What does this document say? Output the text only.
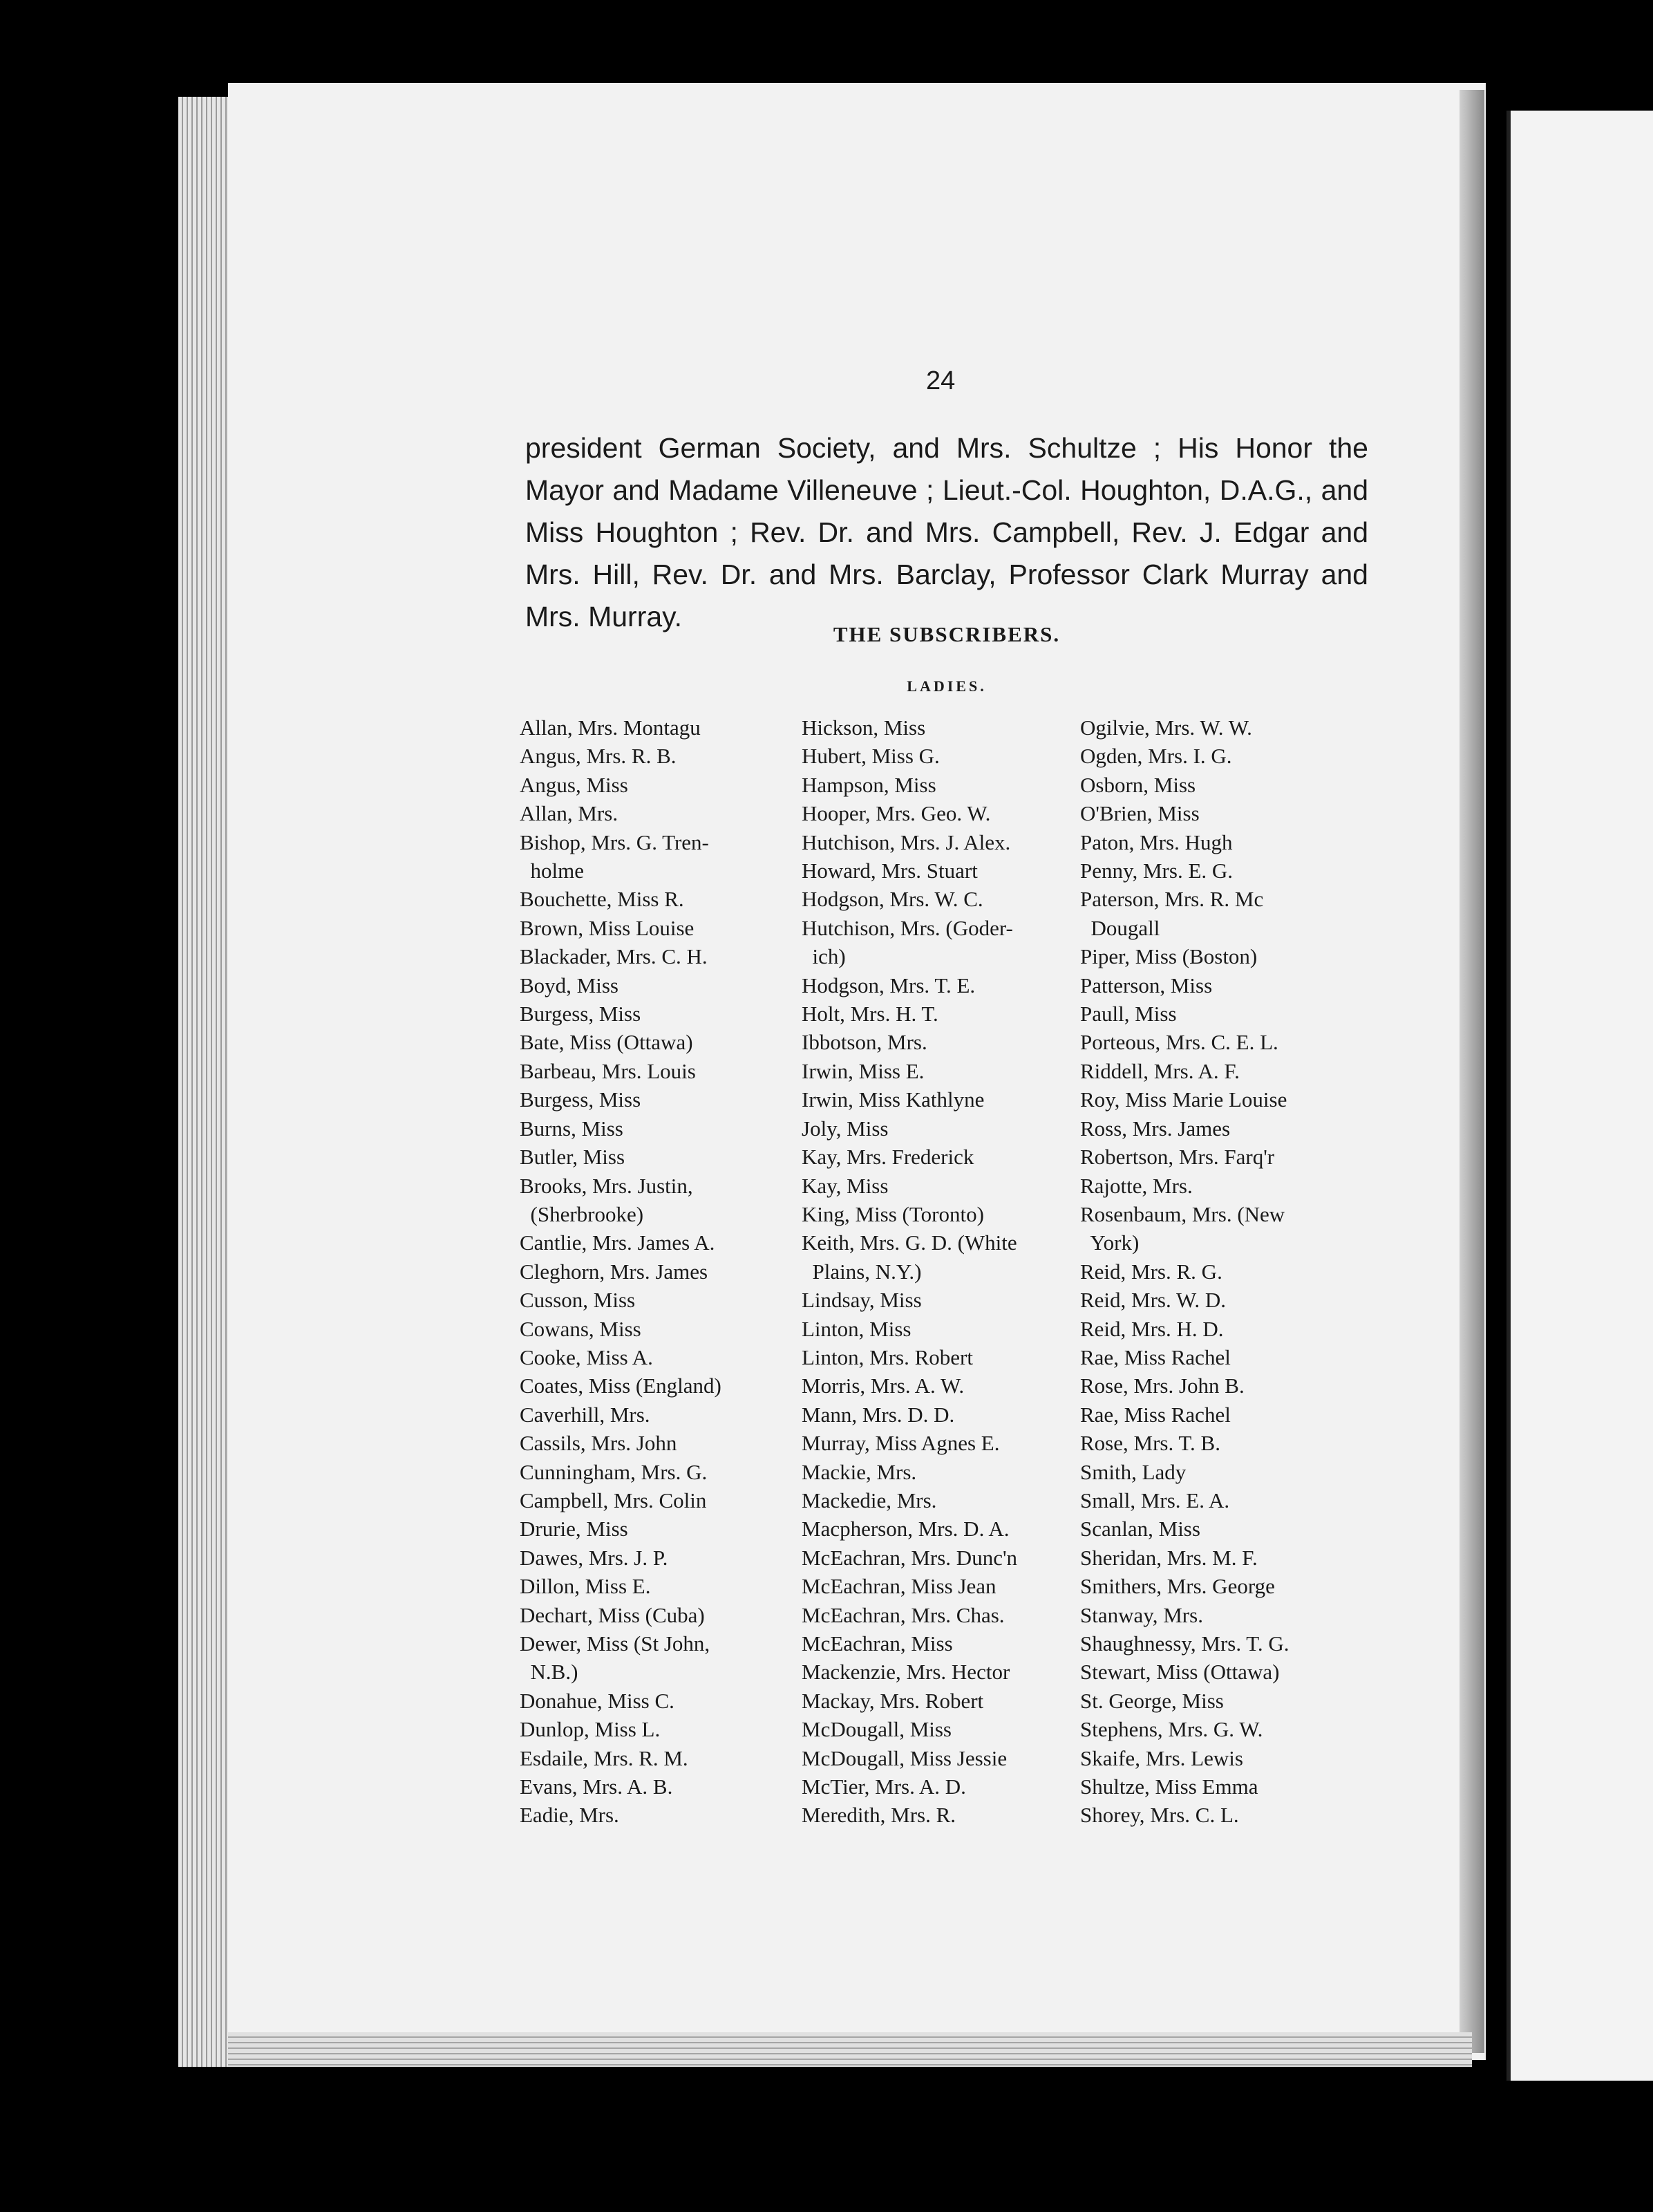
24

president German Society, and Mrs. Schultze ; His Honor the Mayor and Madame Villeneuve ; Lieut.-Col. Houghton, D.A.G., and Miss Houghton ; Rev. Dr. and Mrs. Campbell, Rev. J. Edgar and Mrs. Hill, Rev. Dr. and Mrs. Barclay, Professor Clark Murray and Mrs. Murray.

THE SUBSCRIBERS.
LADIES.
Allan, Mrs. Montagu
Angus, Mrs. R. B.
Angus, Miss
Allan, Mrs.
Bishop, Mrs. G. Tren-
holme
Bouchette, Miss R.
Brown, Miss Louise
Blackader, Mrs. C. H.
Boyd, Miss
Burgess, Miss
Bate, Miss (Ottawa)
Barbeau, Mrs. Louis
Burgess, Miss
Burns, Miss
Butler, Miss
Brooks, Mrs. Justin,
(Sherbrooke)
Cantlie, Mrs. James A.
Cleghorn, Mrs. James
Cusson, Miss
Cowans, Miss
Cooke, Miss A.
Coates, Miss (England)
Caverhill, Mrs.
Cassils, Mrs. John
Cunningham, Mrs. G.
Campbell, Mrs. Colin
Drurie, Miss
Dawes, Mrs. J. P.
Dillon, Miss E.
Dechart, Miss (Cuba)
Dewer, Miss (St John,
N.B.)
Donahue, Miss C.
Dunlop, Miss L.
Esdaile, Mrs. R. M.
Evans, Mrs. A. B.
Eadie, Mrs.
Hickson, Miss
Hubert, Miss G.
Hampson, Miss
Hooper, Mrs. Geo. W.
Hutchison, Mrs. J. Alex.
Howard, Mrs. Stuart
Hodgson, Mrs. W. C.
Hutchison, Mrs. (Goder-
ich)
Hodgson, Mrs. T. E.
Holt, Mrs. H. T.
Ibbotson, Mrs.
Irwin, Miss E.
Irwin, Miss Kathlyne
Joly, Miss
Kay, Mrs. Frederick
Kay, Miss
King, Miss (Toronto)
Keith, Mrs. G. D. (White
Plains, N.Y.)
Lindsay, Miss
Linton, Miss
Linton, Mrs. Robert
Morris, Mrs. A. W.
Mann, Mrs. D. D.
Murray, Miss Agnes E.
Mackie, Mrs.
Mackedie, Mrs.
Macpherson, Mrs. D. A.
McEachran, Mrs. Dunc'n
McEachran, Miss Jean
McEachran, Mrs. Chas.
McEachran, Miss
Mackenzie, Mrs. Hector
Mackay, Mrs. Robert
McDougall, Miss
McDougall, Miss Jessie
McTier, Mrs. A. D.
Meredith, Mrs. R.
Ogilvie, Mrs. W. W.
Ogden, Mrs. I. G.
Osborn, Miss
O'Brien, Miss
Paton, Mrs. Hugh
Penny, Mrs. E. G.
Paterson, Mrs. R. Mc
Dougall
Piper, Miss (Boston)
Patterson, Miss
Paull, Miss
Porteous, Mrs. C. E. L.
Riddell, Mrs. A. F.
Roy, Miss Marie Louise
Ross, Mrs. James
Robertson, Mrs. Farq'r
Rajotte, Mrs.
Rosenbaum, Mrs. (New
York)
Reid, Mrs. R. G.
Reid, Mrs. W. D.
Reid, Mrs. H. D.
Rae, Miss Rachel
Rose, Mrs. John B.
Rae, Miss Rachel
Rose, Mrs. T. B.
Smith, Lady
Small, Mrs. E. A.
Scanlan, Miss
Sheridan, Mrs. M. F.
Smithers, Mrs. George
Stanway, Mrs.
Shaughnessy, Mrs. T. G.
Stewart, Miss (Ottawa)
St. George, Miss
Stephens, Mrs. G. W.
Skaife, Mrs. Lewis
Shultze, Miss Emma
Shorey, Mrs. C. L.
